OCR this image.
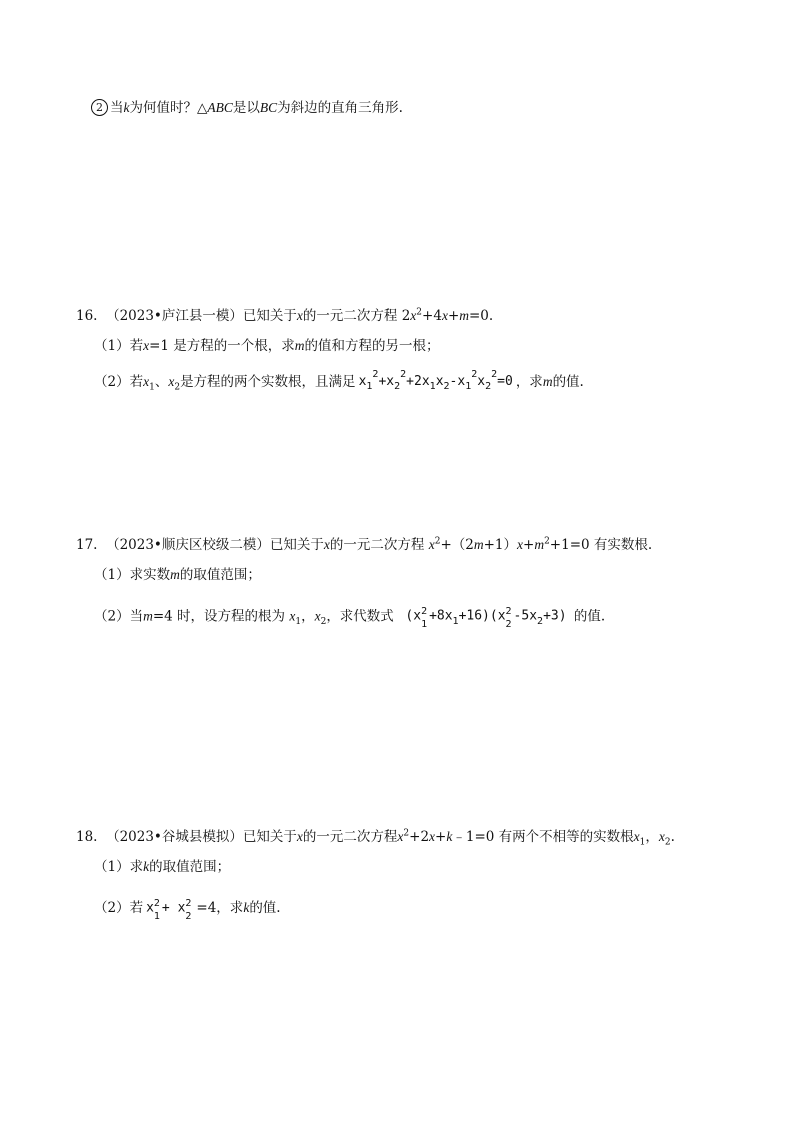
2 当k为何值时？△ABC是以BC为斜边的直角三角形.
16. （2023•庐江县一模）已知关于x的一元二次方程 $2x^2+4x+m=0$.
（1）若x=1 是方程的一个根，求m的值和方程的另一根；
（2）若$x_1$、$x_2$是方程的两个实数根，且满足 $x_1^2+x_2^2+2x_1x_2-x_1^2x_2^2=0$ ，求m的值.
17. （2023•顺庆区校级二模）已知关于x的一元二次方程 $x^2+(2m+1)x+m^2+1=0$ 有实数根.
（1）求实数m的取值范围；
（2）当m=4 时，设方程的根为 $x_1$，$x_2$，求代数式 (x 2
1
$+8x_1+16)(x$ 2
2
$-5x_2+3$) 的值.
18. （2023•谷城县模拟）已知关于x的一元二次方程$x^2+2x+k﹣1=0$ 有两个不相等的实数根$x_1$，$x_2$.
（1）求k的取值范围；
（2）若 x 2
1
+ x 2
2
=4，求k的值.
